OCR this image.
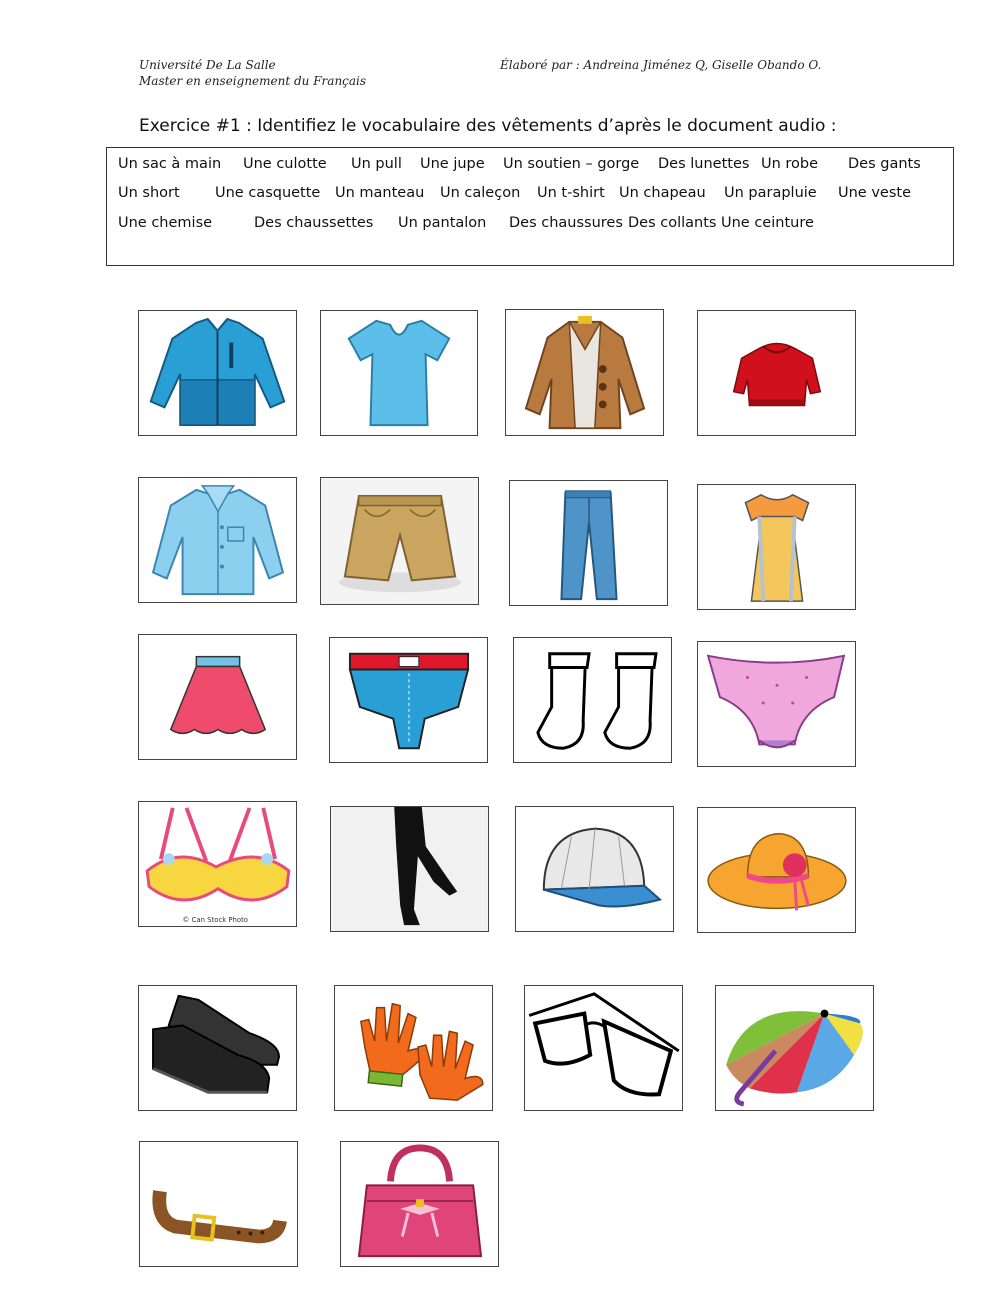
Université De La Salle
Master en enseignement du Français
Élaboré par : Andreina Jiménez Q, Giselle Obando O.
Exercice #1 : Identifiez le vocabulaire des vêtements d’après le document audio :
Un sac à main Une culotte Un pull Une jupe Un soutien – gorge Des lunettes Un robe Des gants
Un short Une casquette Un manteau Un caleçon Un t-shirt Un chapeau Un parapluie Une veste
Une chemise	Des chaussettes Un pantalon Des chaussures Des collants Une ceinture
© Can Stock Photo
